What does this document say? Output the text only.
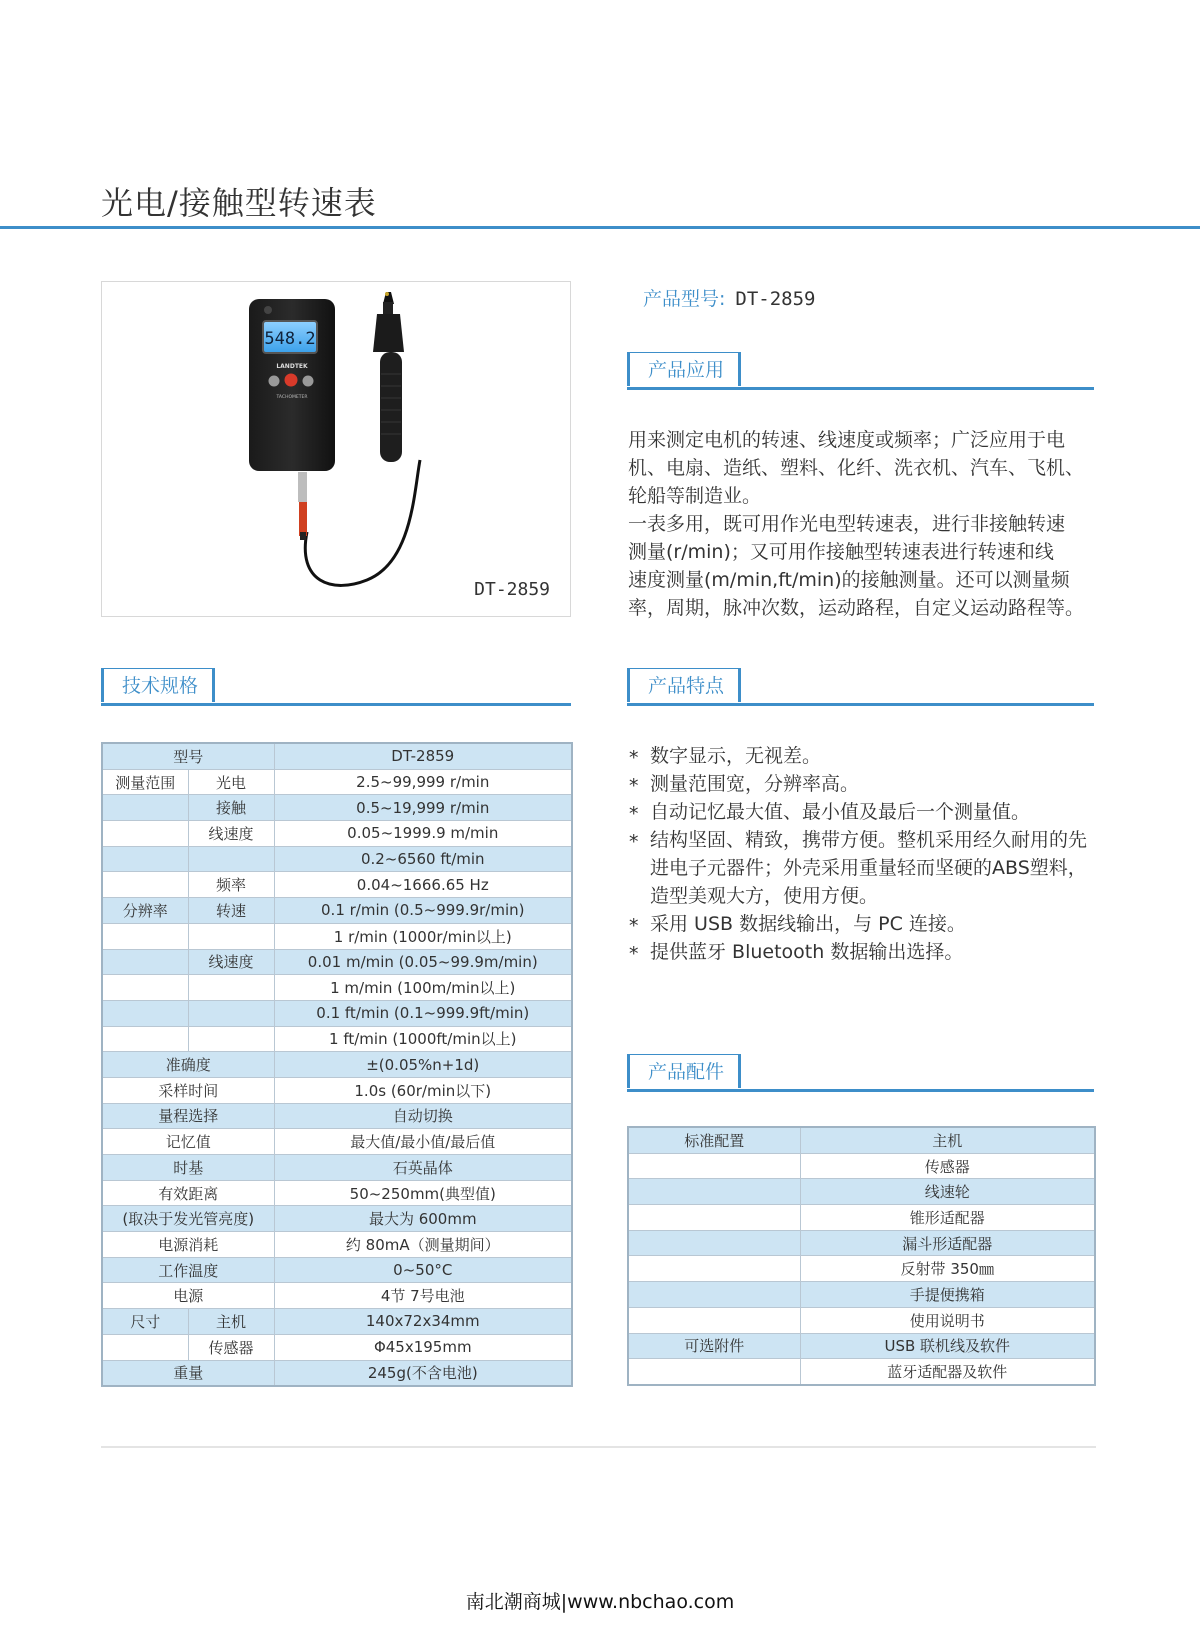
光电/接触型转速表
548.2
LANDTEK
TACHOMETER
DT-2859
产品型号: DT-2859
产品应用

用来测定电机的转速、线速度或频率；广泛应用于电

机、电扇、造纸、塑料、化纤、洗衣机、汽车、飞机、

轮船等制造业。

一表多用，既可用作光电型转速表，进行非接触转速

测量(r/min)；又可用作接触型转速表进行转速和线

速度测量(m/min,ft/min)的接触测量。还可以测量频

率，周期，脉冲次数，运动路程，自定义运动路程等。

技术规格	产品特点
* 数字显示，无视差。
* 测量范围宽，分辨率高。
* 自动记忆最大值、最小值及最后一个测量值。
* 结构坚固、精致，携带方便。整机采用经久耐用的先
进电子元器件；外壳采用重量轻而坚硬的ABS塑料，
造型美观大方，使用方便。
* 采用 USB 数据线输出，与 PC 连接。
* 提供蓝牙 Bluetooth 数据输出选择。
产品配件
型号		DT-2859
测量范围	光电	2.5~99,999 r/min
	接触	0.5~19,999 r/min
	线速度	0.05~1999.9 m/min
		0.2~6560 ft/min
	频率	0.04~1666.65 Hz
分辨率	转速	0.1 r/min (0.5~999.9r/min)
		1 r/min (1000r/min以上)
	线速度	0.01 m/min (0.05~99.9m/min)
		1 m/min (100m/min以上)
		0.1 ft/min (0.1~999.9ft/min)
		1 ft/min (1000ft/min以上)
准确度		±(0.05%n+1d)
采样时间		1.0s (60r/min以下)
量程选择		自动切换
记忆值		最大值/最小值/最后值
时基		石英晶体
有效距离		50~250mm(典型值)
(取决于发光管亮度)		最大为 600mm
电源消耗		约 80mA（测量期间）
工作温度		0~50°C
电源		4节 7号电池
尺寸	主机	140x72x34mm
	传感器	Φ45x195mm
重量		245g(不含电池)
标准配置	主机
	传感器
	线速轮
	锥形适配器
	漏斗形适配器
	反射带 350㎜
	手提便携箱
	使用说明书
可选附件	USB 联机线及软件
	蓝牙适配器及软件
南北潮商城|www.nbchao.com
